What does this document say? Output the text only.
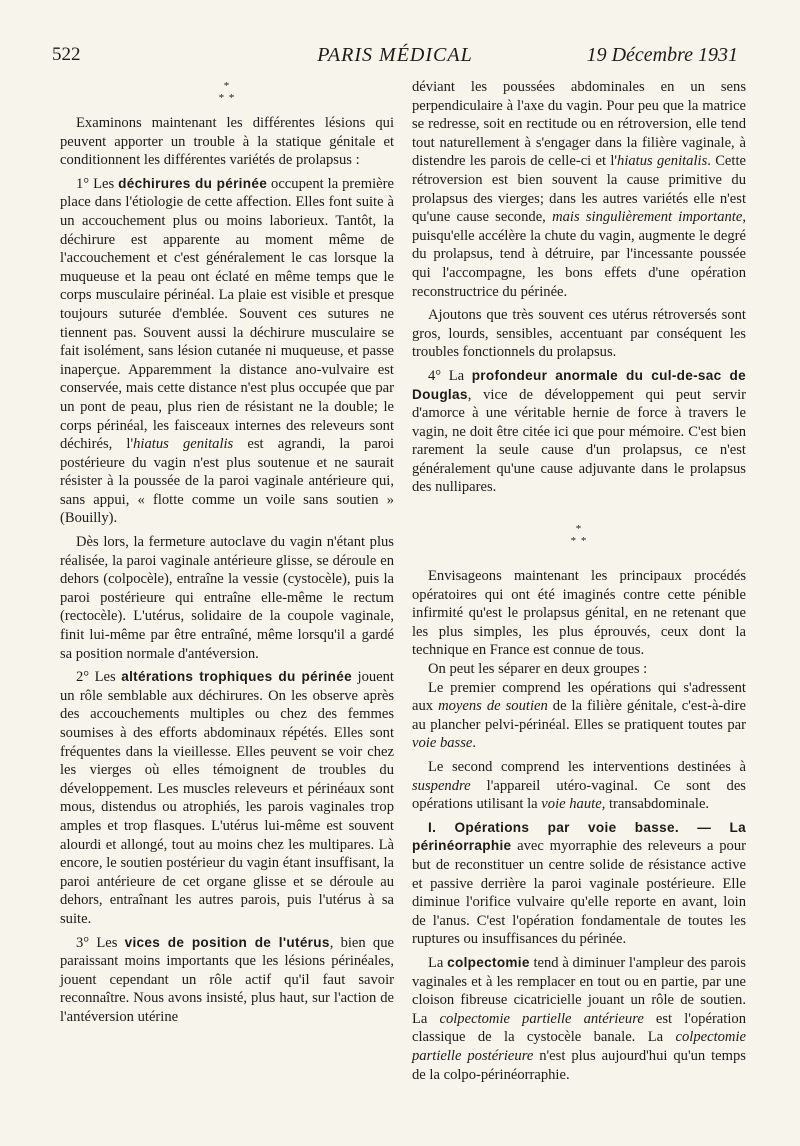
522	PARIS MÉDICAL	19 Décembre 1931
*
* *

Examinons maintenant les différentes lésions qui peuvent apporter un trouble à la statique génitale et conditionnent les différentes variétés de prolapsus :

1° Les déchirures du périnée occupent la première place dans l'étiologie de cette affection. Elles font suite à un accouchement plus ou moins laborieux. Tantôt, la déchirure est apparente au moment même de l'accouchement et c'est généralement le cas lorsque la muqueuse et la peau ont éclaté en même temps que le corps musculaire périnéal. La plaie est visible et presque toujours suturée d'emblée. Souvent ces sutures ne tiennent pas. Souvent aussi la déchirure musculaire se fait isolément, sans lésion cutanée ni muqueuse, et passe inaperçue. Apparemment la distance ano-vulvaire est conservée, mais cette distance n'est plus occupée que par un pont de peau, plus rien de résistant ne la double; le corps périnéal, les faisceaux internes des releveurs sont déchirés, l'hiatus genitalis est agrandi, la paroi postérieure du vagin n'est plus soutenue et ne saurait résister à la poussée de la paroi vaginale antérieure qui, sans appui, « flotte comme un voile sans soutien » (Bouilly).

Dès lors, la fermeture autoclave du vagin n'étant plus réalisée, la paroi vaginale antérieure glisse, se déroule en dehors (colpocèle), entraîne la vessie (cystocèle), puis la paroi postérieure qui entraîne elle-même le rectum (rectocèle). L'utérus, solidaire de la coupole vaginale, finit lui-même par être entraîné, même lorsqu'il a gardé sa position normale d'antéversion.

2° Les altérations trophiques du périnée jouent un rôle semblable aux déchirures. On les observe après des accouchements multiples ou chez des femmes soumises à des efforts abdominaux répétés. Elles sont fréquentes dans la vieillesse. Elles peuvent se voir chez les vierges où elles témoignent de troubles du développement. Les muscles releveurs et périnéaux sont mous, distendus ou atrophiés, les parois vaginales trop amples et trop flasques. L'utérus lui-même est souvent alourdi et allongé, tout au moins chez les multipares. Là encore, le soutien postérieur du vagin étant insuffisant, la paroi antérieure de cet organe glisse et se déroule au dehors, entraînant les autres parois, puis l'utérus à sa suite.

3° Les vices de position de l'utérus, bien que paraissant moins importants que les lésions périnéales, jouent cependant un rôle actif qu'il faut savoir reconnaître. Nous avons insisté, plus haut, sur l'action de l'antéversion utérine

déviant les poussées abdominales en un sens perpendiculaire à l'axe du vagin. Pour peu que la matrice se redresse, soit en rectitude ou en rétroversion, elle tend tout naturellement à s'engager dans la filière vaginale, à distendre les parois de celle-ci et l'hiatus genitalis. Cette rétroversion est bien souvent la cause primitive du prolapsus des vierges; dans les autres variétés elle n'est qu'une cause seconde, mais singulièrement importante, puisqu'elle accélère la chute du vagin, augmente le degré du prolapsus, tend à détruire, par l'incessante poussée qui l'accompagne, les bons effets d'une opération reconstructrice du périnée.

Ajoutons que très souvent ces utérus rétroversés sont gros, lourds, sensibles, accentuant par conséquent les troubles fonctionnels du prolapsus.

4° La profondeur anormale du cul-de-sac de Douglas, vice de développement qui peut servir d'amorce à une véritable hernie de force à travers le vagin, ne doit être citée ici que pour mémoire. C'est bien rarement la seule cause d'un prolapsus, ce n'est généralement qu'une cause adjuvante dans le prolapsus des nullipares.

*
* *

Envisageons maintenant les principaux procédés opératoires qui ont été imaginés contre cette pénible infirmité qu'est le prolapsus génital, en ne retenant que les plus simples, les plus éprouvés, ceux dont la technique en France est connue de tous.

On peut les séparer en deux groupes :

Le premier comprend les opérations qui s'adressent aux moyens de soutien de la filière génitale, c'est-à-dire au plancher pelvi-périnéal. Elles se pratiquent toutes par voie basse.

Le second comprend les interventions destinées à suspendre l'appareil utéro-vaginal. Ce sont des opérations utilisant la voie haute, transabdominale.

I. Opérations par voie basse. — La périnéorraphie avec myorraphie des releveurs a pour but de reconstituer un centre solide de résistance active et passive derrière la paroi vaginale postérieure. Elle diminue l'orifice vulvaire qu'elle reporte en avant, loin de l'anus. C'est l'opération fondamentale de toutes les ruptures ou insuffisances du périnée.

La colpectomie tend à diminuer l'ampleur des parois vaginales et à les remplacer en tout ou en partie, par une cloison fibreuse cicatricielle jouant un rôle de soutien. La colpectomie partielle antérieure est l'opération classique de la cystocèle banale. La colpectomie partielle postérieure n'est plus aujourd'hui qu'un temps de la colpo-périnéorraphie.
